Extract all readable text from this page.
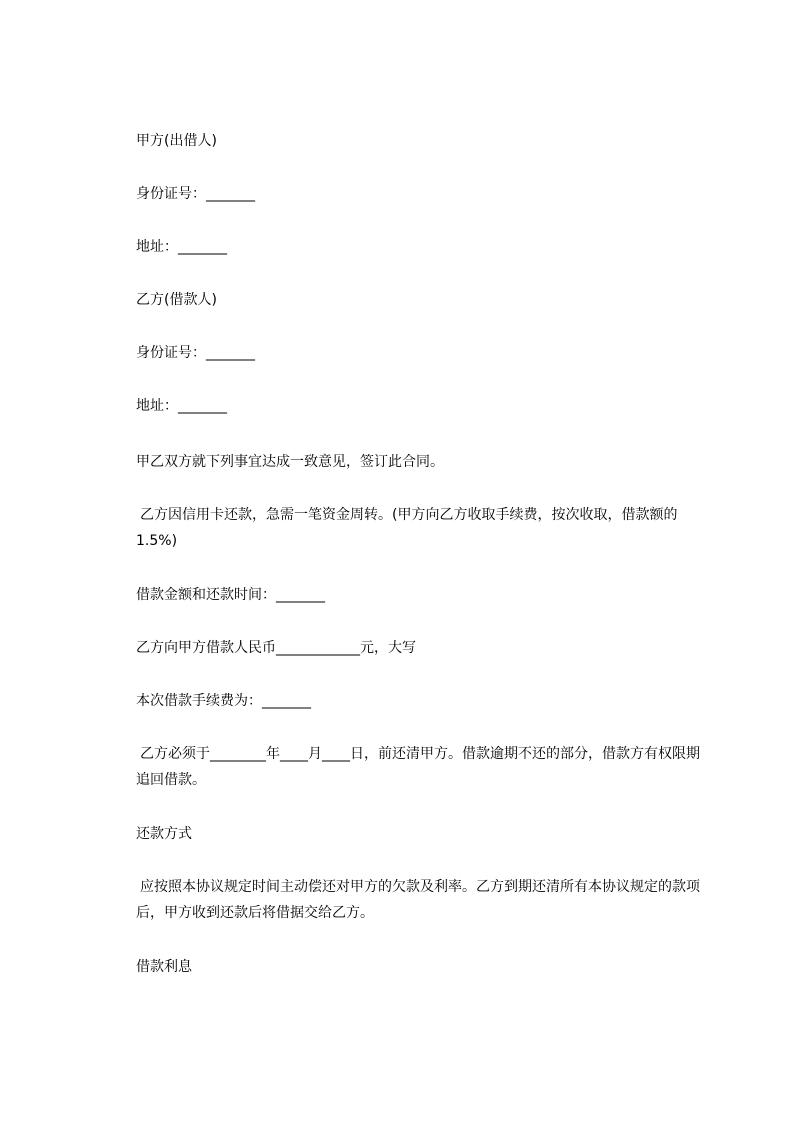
甲方(出借人)
身份证号：_______
地址：_______
乙方(借款人)
身份证号：_______
地址：_______
甲乙双方就下列事宜达成一致意见，签订此合同。
乙方因信用卡还款，急需一笔资金周转。(甲方向乙方收取手续费，按次收取，借款额的 1.5%)
借款金额和还款时间：_______
乙方向甲方借款人民币____________元，大写
本次借款手续费为：_______
乙方必须于________年____月____日，前还清甲方。借款逾期不还的部分，借款方有权限期追回借款。
还款方式
应按照本协议规定时间主动偿还对甲方的欠款及利率。乙方到期还清所有本协议规定的款项后，甲方收到还款后将借据交给乙方。
借款利息
